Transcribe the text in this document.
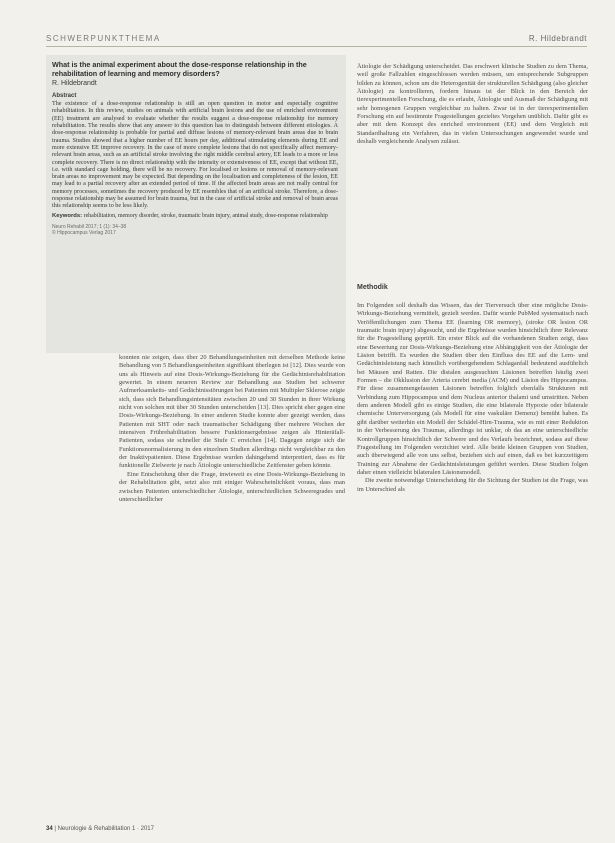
SCHWERPUNKTTHEMA	R. Hildebrandt

What is the animal experiment about the dose-response relationship in the rehabilitation of learning and memory disorders?

R. Hildebrandt
Abstract

The existence of a dose-response relationship is still an open question in motor and especially cognitive rehabilitation. In this review, studies on animals with artificial brain lesions and the use of enriched environment (EE) treatment are analysed to evaluate whether the results suggest a dose-response relationship for memory rehabilitation. The results show that any answer to this question has to distinguish between different etiologies. A dose-response relationship is probable for partial and diffuse lesions of memory-relevant brain areas due to brain trauma. Studies showed that a higher number of EE hours per day, additional stimulating elements during EE and more extensive EE improve recovery. In the case of more complete lesions that do not specifically affect memory-relevant brain areas, such as an artificial stroke involving the right middle cerebral artery, EE leads to a more or less complete recovery. There is no direct relationship with the intensity or extensiveness of EE, except that without EE, i.e. with standard cage holding, there will be no recovery. For localised or lesions or removal of memory-relevant brain areas no improvement may be expected. But depending on the localisation and completeness of the lesion, EE may lead to a partial recovery after an extended period of time. If the affected brain areas are not really central for memory processes, sometimes the recovery produced by EE resembles that of an artificial stroke. Therefore, a dose-response relationship may be assumed for brain trauma, but in the case of artificial stroke and removal of brain areas this relationship seems to be less likely.

Keywords: rehabilitation, memory disorder, stroke, traumatic brain injury, animal study, dose-response relationship

Neuro Rehabil 2017; 1 (1): 34–38
© Hippocampus Verlag 2017

konnten nie zeigen, dass über 20 Behandlungseinheiten mit derselben Methode keine Behandlung von 5 Behandlungseinheiten signifikant überlegen ist [12]. Dies wurde von uns als Hinweis auf eine Dosis-Wirkungs-Beziehung für die Gedächtnisrehabilitation gewertet. In einem neueren Review zur Behandlung aus Studien bei schwerer Aufmerksamkeits- und Gedächtnisstörungen bei Patienten mit Multipler Sklerose zeigte sich, dass sich Behandlungsintensitäten zwischen 20 und 30 Stunden in ihrer Wirkung nicht von solchen mit über 30 Stunden unterscheiden [13]. Dies spricht eher gegen eine Dosis-Wirkungs-Beziehung. In einer anderen Studie konnte aber gezeigt werden, dass Patienten mit SHT oder nach traumatischer Schädigung über mehrere Wochen der intensiven Frührehabilitation bessere Funktionsergebnisse zeigen als Hinteräfall-Patienten, sodass sie schneller die Stufe C erreichen [14]. Dagegen zeigte sich die Funktionsnormalisierung in den einzelnen Studien allerdings nicht vergleichbar zu den der Inaktivpatienten. Diese Ergebnisse wurden dahingehend interpretiert, dass es für funktionelle Zielwerte je nach Ätiologie unterschiedliche Zeitfenster geben könnte.

Eine Entscheidung über die Frage, inwieweit es eine Dosis-Wirkungs-Beziehung in der Rehabilitation gibt, setzt also mit einiger Wahrscheinlichkeit voraus, dass man zwischen Patienten unterschiedlicher Ätiologie, unterschiedlichen Schweregrades und unterschiedlicher

Ätiologie der Schädigung unterscheidet. Das erschwert klinische Studien zu dem Thema, weil große Fallzahlen eingeschlossen werden müssen, um entsprechende Subgruppen bilden zu können, schon um die Heterogenität der strukturellen Schädigung (also gleicher Ätiologie) zu kontrollieren, fordern hinaus ist der Blick in den Bereich der tierexperimentellen Forschung, die es erlaubt, Ätiologie und Ausmaß der Schädigung mit sehr homogenen Gruppen vergleichbar zu halten. Zwar ist in der tierexperimentellen Forschung ein auf bestimmte Fragestellungen gezieltes Vorgehen unüblich. Dafür gibt es aber mit dem Konzept des enriched environment (EE) und dem Vergleich mit Standardhaltung ein Verfahren, das in vielen Untersuchungen angewendet wurde und deshalb vergleichende Analysen zulässt.

Methodik

Im Folgenden soll deshalb das Wissen, das der Tierversuch über eine mögliche Dosis-Wirkungs-Beziehung vermittelt, gezielt werden. Dafür wurde PubMed systematisch nach Veröffentlichungen zum Thema EE (learning OR memory), (stroke OR lesion OR traumatic brain injury) abgesucht, und die Ergebnisse wurden hinsichtlich ihrer Relevanz für die Fragestellung geprüft. Ein erster Blick auf die vorhandenen Studien zeigt, dass eine Bewertung zur Dosis-Wirkungs-Beziehung eine Abhängigkeit von der Ätiologie der Läsion betrifft. Es wurden die Studien über den Einfluss des EE auf die Lern- und Gedächtnisleistung nach künstlich vorübergehendem Schlaganfall bedeutend ausführlich bei Mäusen und Ratten. Die distalen ausgesuchten Läsionen betreffen häufig zwei Formen – die Okklusion der Arteria cerebri media (ACM) und Läsion des Hippocampus. Für diese zusammengefassten Läsionen betreffen folglich ebenfalls Strukturen mit Verbindung zum Hippocampus und dem Nucleus anterior thalami und umstritten. Neben dem anderen Modell gibt es einige Studien, die eine bilaterale Hypoxie oder bilaterale chemische Unterversorgung (als Modell für eine vaskuläre Demenz) bemüht haben. Es gibt darüber weiterhin ein Modell der Schädel-Hirn-Trauma, wie es mit einer Reduktion in der Verbesserung des Traumas, allerdings ist unklar, ob das an eine unterschiedliche Kontrollgruppen hinsichtlich der Schwere und des Verlaufs bezeichnet, sodass auf diese Fragestellung im Folgenden verzichtet wird. Alle beide kleinen Gruppen von Studien, auch überwiegend alle von uns selbst, beziehen sich auf einen, daß es bei kurzzeitigem Training zur Abnahme der Gedächtnisleistungen geführt werden. Diese Studien folgen daher einen vielleicht bilateralen Läsionsmodell.

Die zweite notwendige Unterscheidung für die Sichtung der Studien ist die Frage, was im Unterschied als

34 | Neurologie & Rehabilitation 1 · 2017
